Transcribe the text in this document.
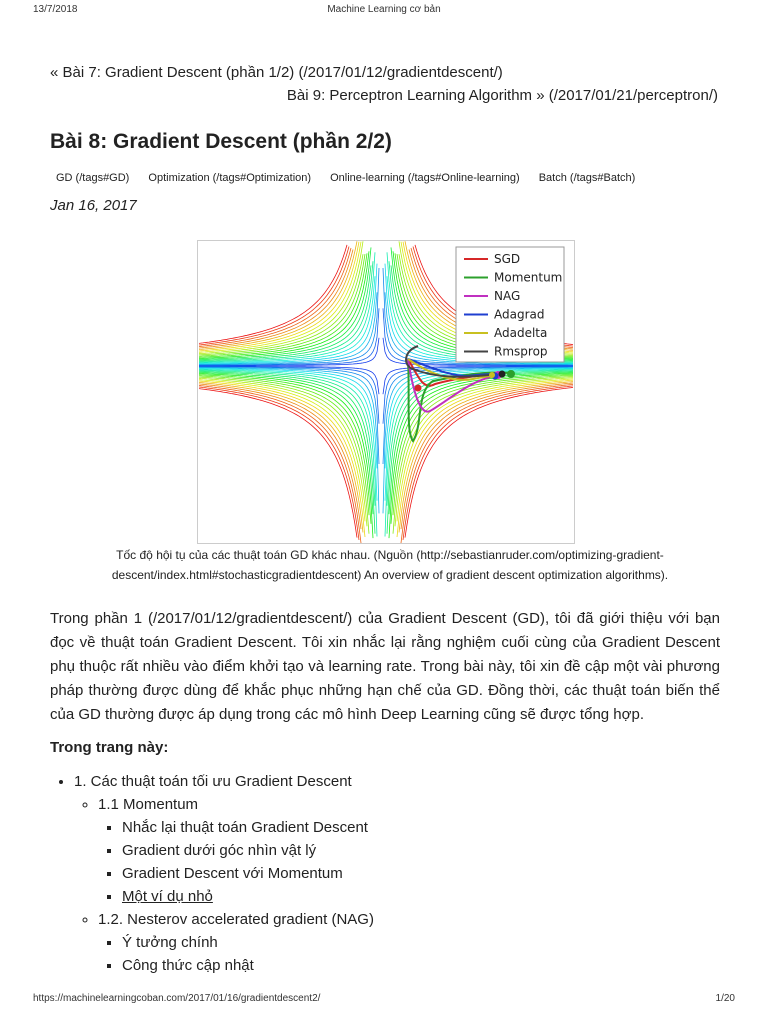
13/7/2018	Machine Learning cơ bản
« Bài 7: Gradient Descent (phần 1/2) (/2017/01/12/gradientdescent/)
Bài 9: Perceptron Learning Algorithm » (/2017/01/21/perceptron/)
Bài 8: Gradient Descent (phần 2/2)
GD (/tags#GD) Optimization (/tags#Optimization) Online-learning (/tags#Online-learning) Batch (/tags#Batch)
Jan 16, 2017
SGD
Momentum
NAG
Adagrad
Adadelta
Rmsprop
Tốc độ hội tụ của các thuật toán GD khác nhau. (Nguồn (http://sebastianruder.com/optimizing-gradient-descent/index.html#stochasticgradientdescent) An overview of gradient descent optimization algorithms).
Trong phần 1 (/2017/01/12/gradientdescent/) của Gradient Descent (GD), tôi đã giới thiệu với bạn đọc về thuật toán Gradient Descent. Tôi xin nhắc lại rằng nghiệm cuối cùng của Gradient Descent phụ thuộc rất nhiều vào điểm khởi tạo và learning rate. Trong bài này, tôi xin đề cập một vài phương pháp thường được dùng để khắc phục những hạn chế của GD. Đồng thời, các thuật toán biến thể của GD thường được áp dụng trong các mô hình Deep Learning cũng sẽ được tổng hợp.
Trong trang này:
• 1. Các thuật toán tối ưu Gradient Descent
◦ 1.1 Momentum
▪ Nhắc lại thuật toán Gradient Descent
▪ Gradient dưới góc nhìn vật lý
▪ Gradient Descent với Momentum
▪ Một ví dụ nhỏ
◦ 1.2. Nesterov accelerated gradient (NAG)
▪ Ý tưởng chính
▪ Công thức cập nhật
https://machinelearningcoban.com/2017/01/16/gradientdescent2/	1/20
